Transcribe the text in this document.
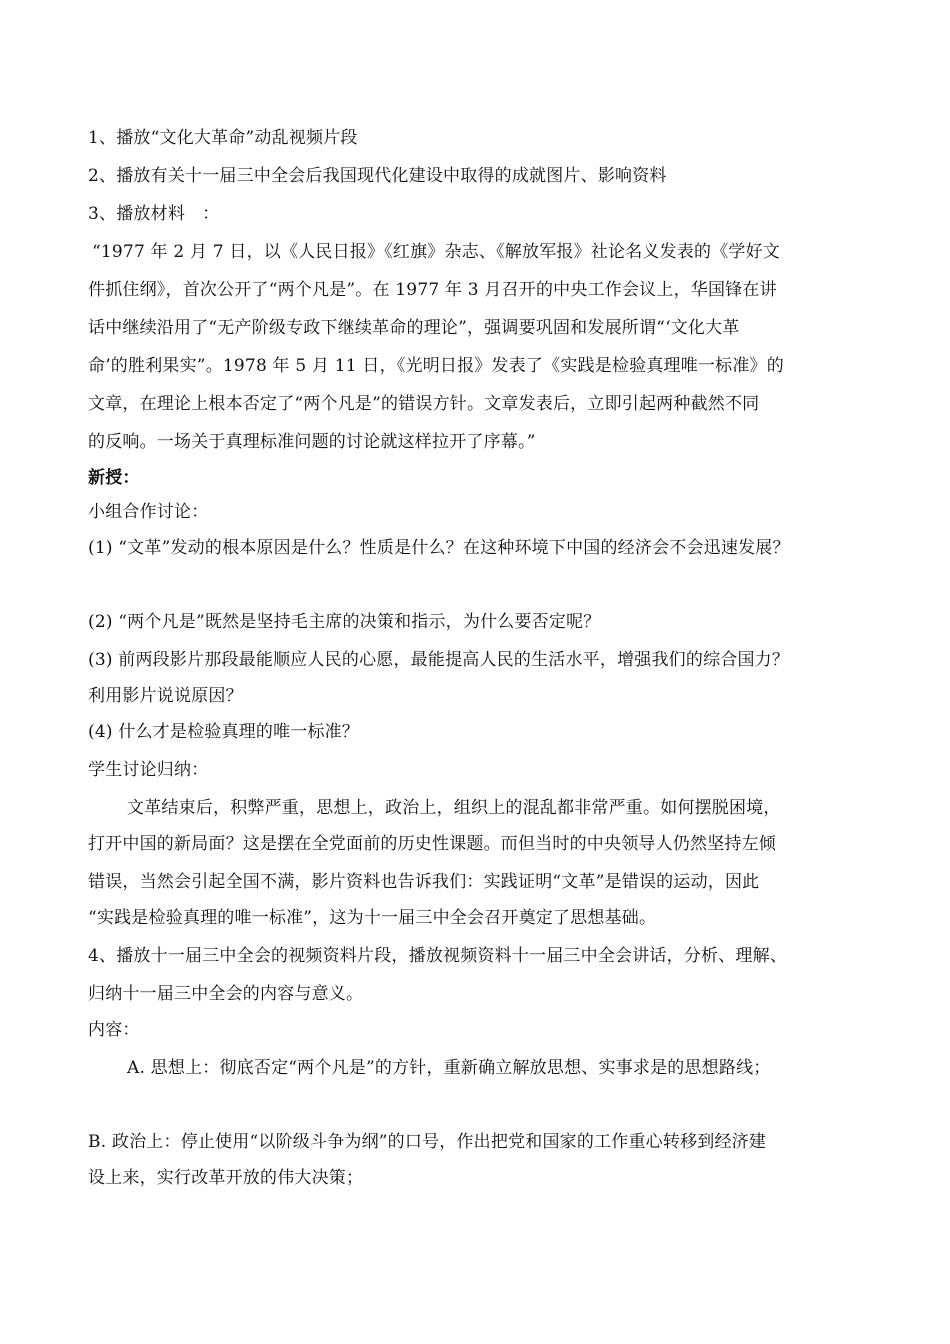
1、播放“文化大革命”动乱视频片段
2、播放有关十一届三中全会后我国现代化建设中取得的成就图片、影响资料
3、播放材料　：
“1977 年 2 月 7 日，以《人民日报》《红旗》杂志、《解放军报》社论名义发表的《学好文
件抓住纲》，首次公开了“两个凡是”。在 1977 年 3 月召开的中央工作会议上，华国锋在讲
话中继续沿用了“无产阶级专政下继续革命的理论”，强调要巩固和发展所谓“‘文化大革
命’的胜利果实”。1978 年 5 月 11 日，《光明日报》发表了《实践是检验真理唯一标准》的
文章，在理论上根本否定了“两个凡是”的错误方针。文章发表后，立即引起两种截然不同
的反响。一场关于真理标准问题的讨论就这样拉开了序幕。”
新授：
小组合作讨论：
(1) “文革”发动的根本原因是什么？性质是什么？在这种环境下中国的经济会不会迅速发展？
(2) “两个凡是”既然是坚持毛主席的决策和指示，为什么要否定呢？
(3) 前两段影片那段最能顺应人民的心愿，最能提高人民的生活水平，增强我们的综合国力？
利用影片说说原因？
(4) 什么才是检验真理的唯一标准？
学生讨论归纳：
文革结束后，积弊严重，思想上，政治上，组织上的混乱都非常严重。如何摆脱困境，
打开中国的新局面？这是摆在全党面前的历史性课题。而但当时的中央领导人仍然坚持左倾
错误，当然会引起全国不满，影片资料也告诉我们：实践证明“文革”是错误的运动，因此
“实践是检验真理的唯一标准”，这为十一届三中全会召开奠定了思想基础。
4、播放十一届三中全会的视频资料片段，播放视频资料十一届三中全会讲话，分析、理解、
归纳十一届三中全会的内容与意义。
内容：
A. 思想上：彻底否定“两个凡是”的方针，重新确立解放思想、实事求是的思想路线；
B. 政治上：停止使用“以阶级斗争为纲”的口号，作出把党和国家的工作重心转移到经济建
设上来，实行改革开放的伟大决策；
